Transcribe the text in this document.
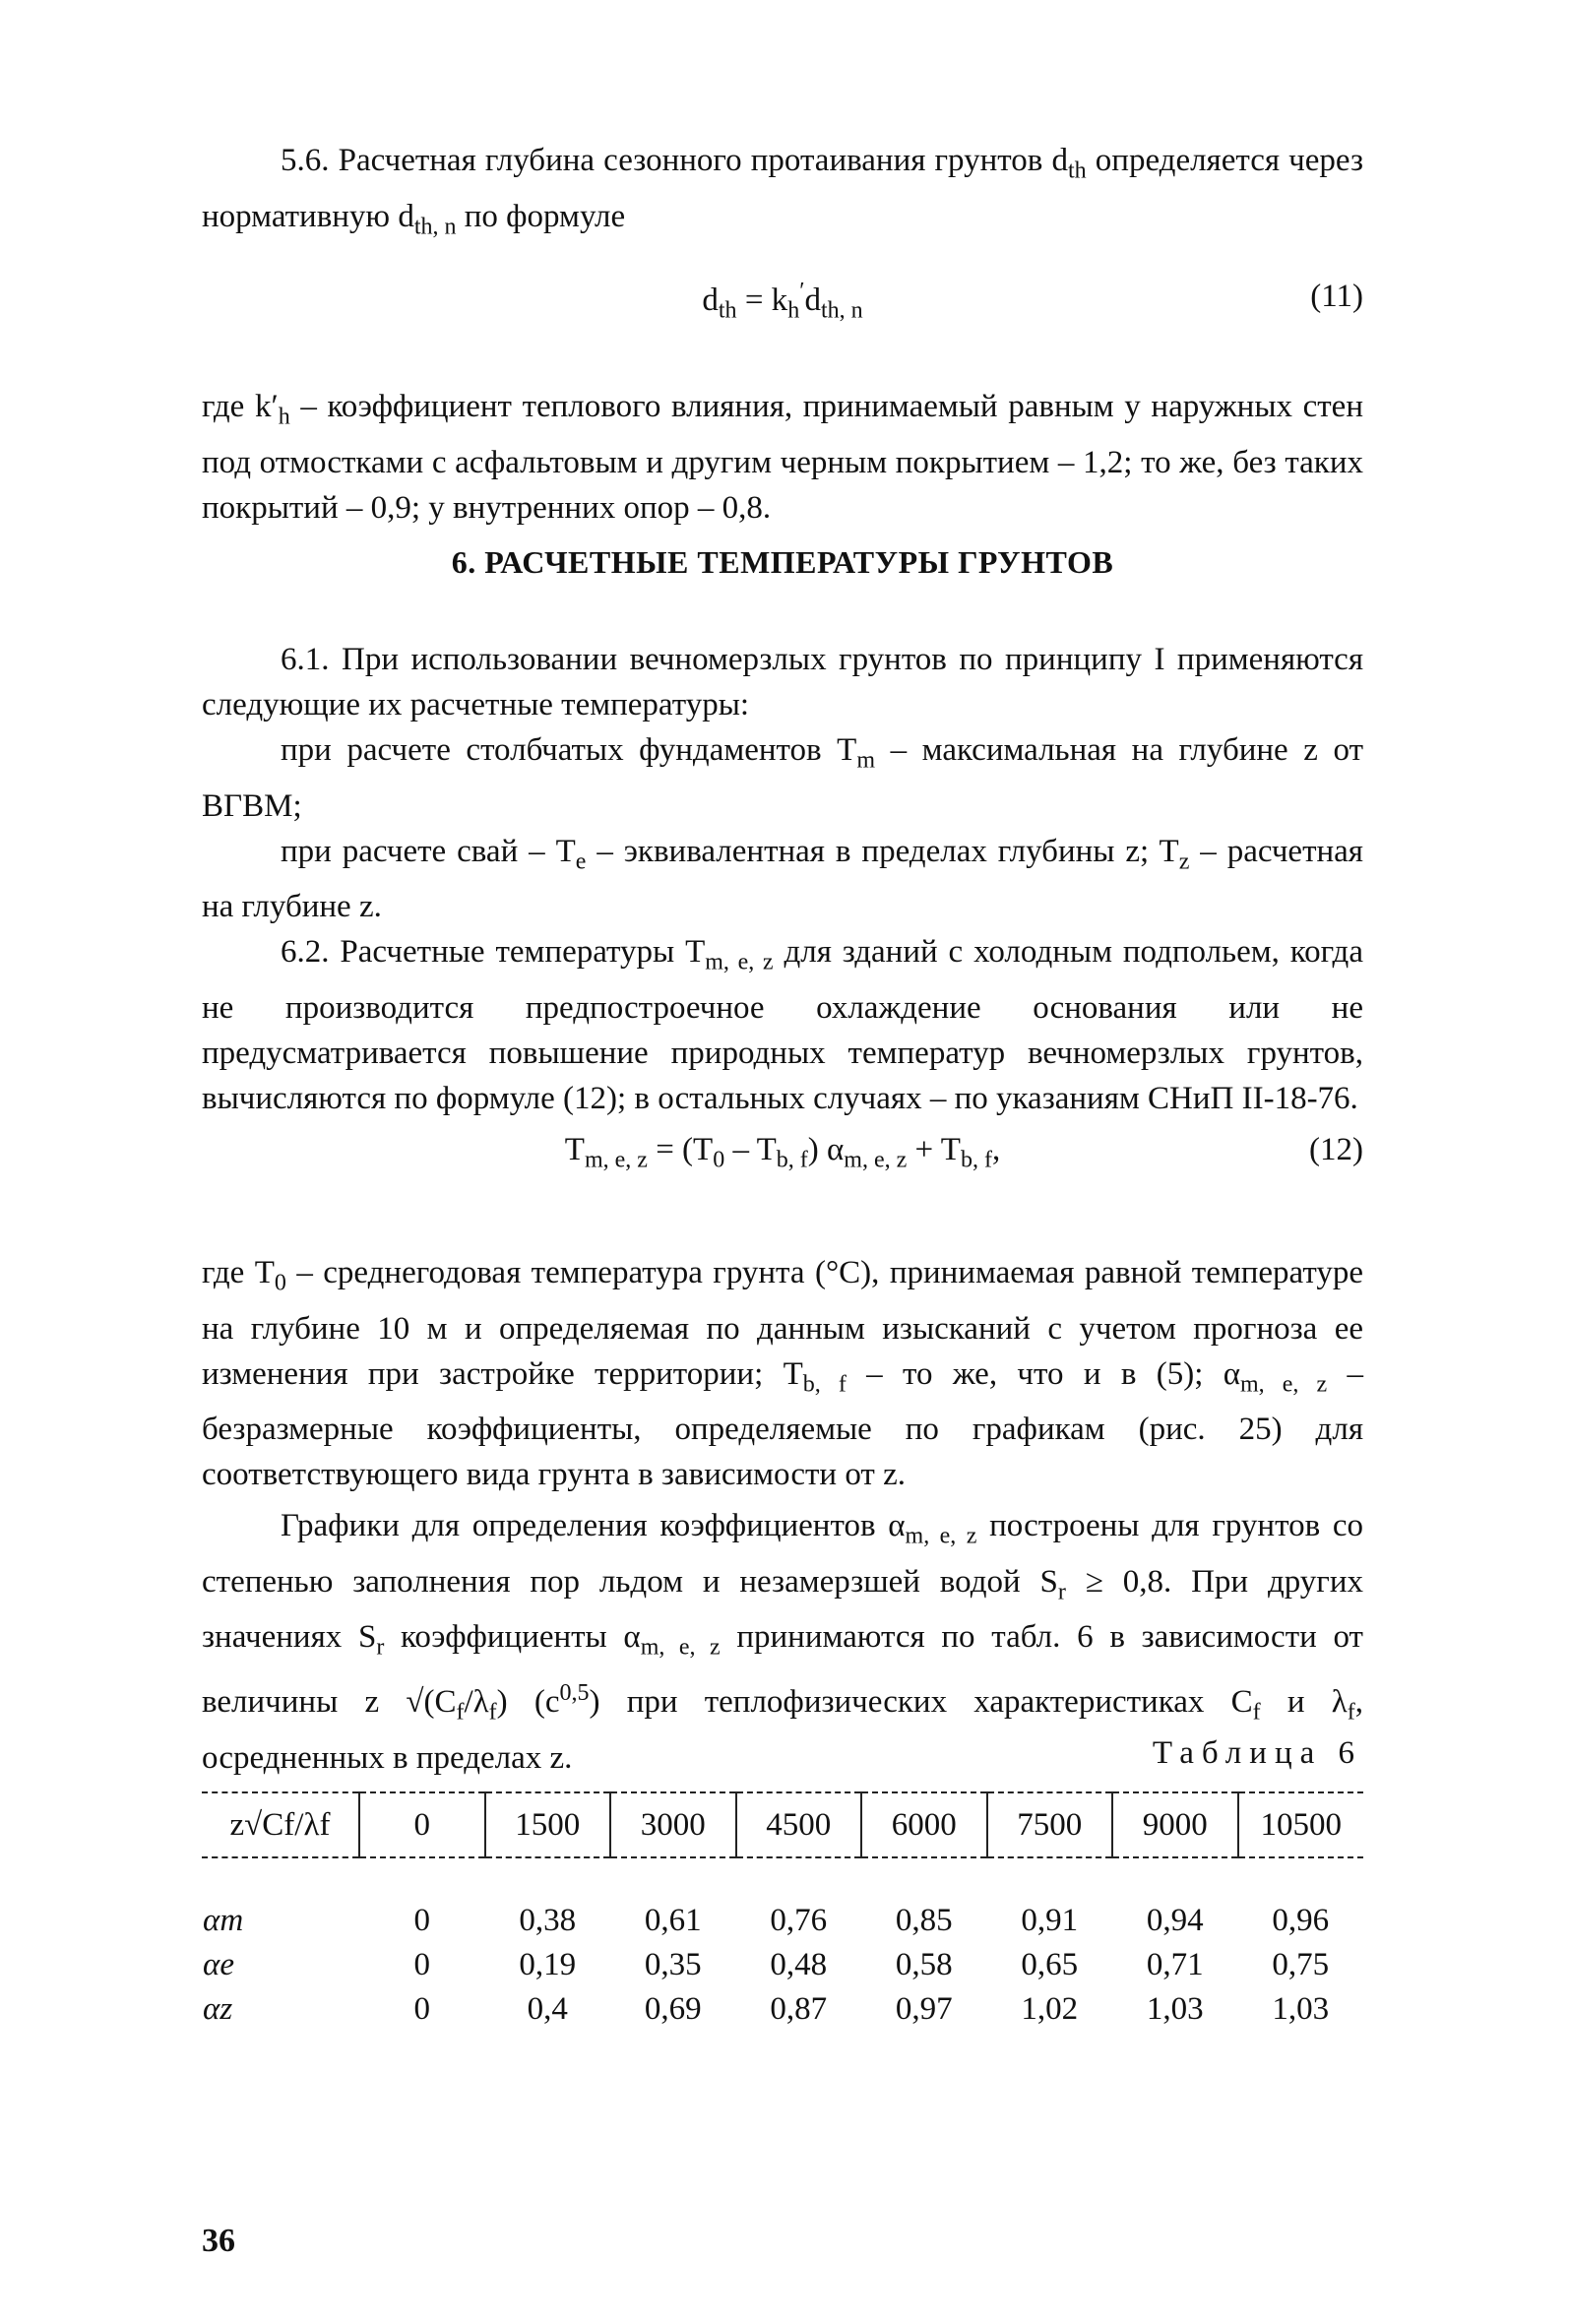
5.6. Расчетная глубина сезонного протаивания грунтов $d_{th}$ определяется через нормативную $d_{th, n}$ по формуле

$d_{th} = k_h'd_{th, n}$	(11)

где $k'_h$ – коэффициент теплового влияния, принимаемый равным у наружных стен под отмостками с асфальтовым и другим черным покрытием – 1,2; то же, без таких покрытий – 0,9; у внутренних опор – 0,8.

6. РАСЧЕТНЫЕ ТЕМПЕРАТУРЫ ГРУНТОВ

6.1. При использовании вечномерзлых грунтов по принципу I применяются следующие их расчетные температуры:

при расчете столбчатых фундаментов $T_m$ – максимальная на глубине z от ВГВМ;

при расчете свай – $T_e$ – эквивалентная в пределах глубины z; $T_z$ – расчетная на глубине z.

6.2. Расчетные температуры $T_{m, e, z}$ для зданий с холодным подпольем, когда не производится предпостроечное охлаждение основания или не предусматривается повышение природных температур вечномерзлых грунтов, вычисляются по формуле (12); в остальных случаях – по указаниям СНиП II-18-76.

$T_{m, e, z} = (T_0 - T_{b, f}) \alpha_{m, e, z} + T_{b, f}$,	(12)

где $T_0$ – среднегодовая температура грунта (°C), принимаемая равной температуре на глубине 10 м и определяемая по данным изысканий с учетом прогноза ее изменения при застройке территории; $T_{b, f}$ – то же, что и в (5); $\alpha_{m, e, z}$ – безразмерные коэффициенты, определяемые по графикам (рис. 25) для соответствующего вида грунта в зависимости от z.

Графики для определения коэффициентов $\alpha_{m, e, z}$ построены для грунтов со степенью заполнения пор льдом и незамерзшей водой $S_r \ge 0,8$. При других значениях $S_r$ коэффициенты $\alpha_{m, e, z}$ принимаются по табл. 6 в зависимости от величины z $√(C_f/\lambda_f)$ $(c^{0,5})$ при теплофизических характеристиках $C_f$ и $\lambda_f$, осредненных в пределах z.	Таблица 6
z√Cf/λf	0	1500	3000	4500	6000	7500	9000	10500
αm	0	0,38	0,61	0,76	0,85	0,91	0,94	0,96
αe	0	0,19	0,35	0,48	0,58	0,65	0,71	0,75
αz	0	0,4	0,69	0,87	0,97	1,02	1,03	1,03
36
